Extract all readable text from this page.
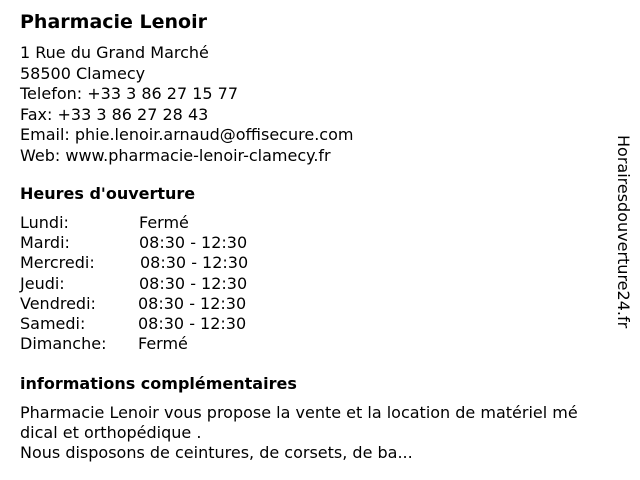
Pharmacie Lenoir
1 Rue du Grand Marché
58500 Clamecy
Telefon: +33 3 86 27 15 77
Fax: +33 3 86 27 28 43
Email: phie.lenoir.arnaud@offisecure.com
Web: www.pharmacie-lenoir-clamecy.fr
Heures d'ouverture
Lundi:	Fermé
Mardi:	08:30 - 12:30
Mercredi:	08:30 - 12:30
Jeudi:	08:30 - 12:30
Vendredi:	08:30 - 12:30
Samedi:	08:30 - 12:30
Dimanche: Fermé
informations complémentaires
Pharmacie Lenoir vous propose la vente et la location de matériel mé
dical et orthopédique .
Nous disposons de ceintures, de corsets, de ba...
Horairesdouverture24.fr
